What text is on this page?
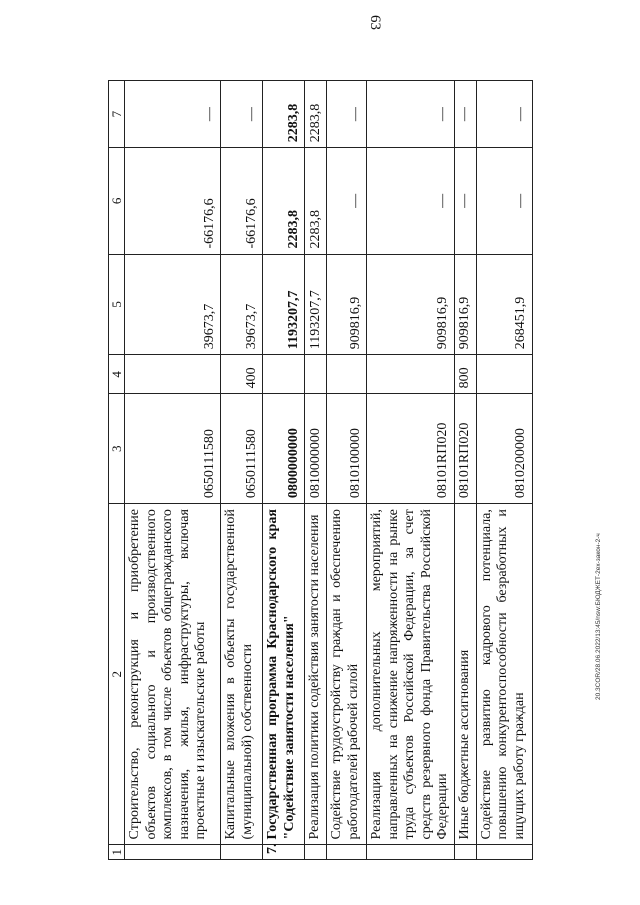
63
1	2	3	4	5	6	7
	Строительство, реконструкция и приобретение объектов социального и производственного комплексов, в том числе объектов общегражданского назначения, жилья, инфраструктуры, включая проектные и изыскательские работы	0650111580		39673,7	-66176,6	—
	Капитальные вложения в объекты государственной (муниципальной) собственности	0650111580	400	39673,7	-66176,6	—
7.	Государственная программа Краснодарского края "Содействие занятости населения"	0800000000		1193207,7	2283,8	2283,8
	Реализация политики содействия занятости населения	0810000000		1193207,7	2283,8	2283,8
	Содействие трудоустройству граждан и обеспечению работодателей рабочей силой	0810100000		909816,9	—	—
	Реализация дополнительных мероприятий, направленных на снижение напряженности на рынке труда субъектов Российской Федерации, за счет средств резервного фонда Правительства Российской Федерации	08101RП020		909816,9	—	—
	Иные бюджетные ассигнования	08101RП020	800	909816,9	—	—
	Содействие развитию кадрового потенциала, повышению конкурентоспособности безработных и ищущих работу граждан	0810200000		268451,9	—	—
20.3COR/28.06.2022/13:45/nsw:БЮДЖЕТ-2ex-закон-2-ч
